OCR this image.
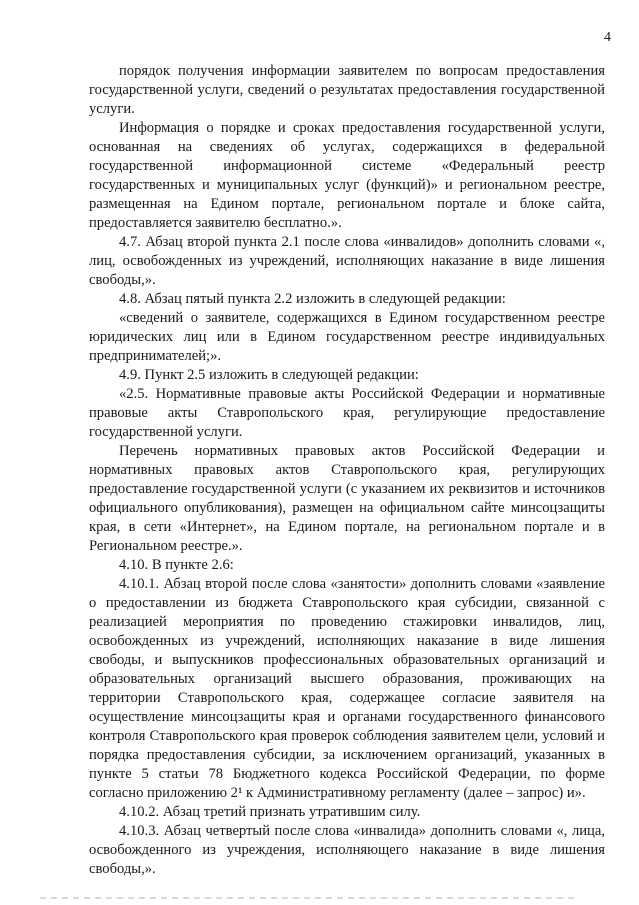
4

порядок получения информации заявителем по вопросам предоставления государственной услуги, сведений о результатах предоставления государственной услуги.

Информация о порядке и сроках предоставления государственной услуги, основанная на сведениях об услугах, содержащихся в федеральной государственной информационной системе «Федеральный реестр государственных и муниципальных услуг (функций)» и региональном реестре, размещенная на Едином портале, региональном портале и блоке сайта, предоставляется заявителю бесплатно.».

4.7. Абзац второй пункта 2.1 после слова «инвалидов» дополнить словами «, лиц, освобожденных из учреждений, исполняющих наказание в виде лишения свободы,».

4.8. Абзац пятый пункта 2.2 изложить в следующей редакции:

«сведений о заявителе, содержащихся в Едином государственном реестре юридических лиц или в Едином государственном реестре индивидуальных предпринимателей;».

4.9. Пункт 2.5 изложить в следующей редакции:

«2.5. Нормативные правовые акты Российской Федерации и нормативные правовые акты Ставропольского края, регулирующие предоставление государственной услуги.

Перечень нормативных правовых актов Российской Федерации и нормативных правовых актов Ставропольского края, регулирующих предоставление государственной услуги (с указанием их реквизитов и источников официального опубликования), размещен на официальном сайте минсоцзащиты края, в сети «Интернет», на Едином портале, на региональном портале и в Региональном реестре.».

4.10. В пункте 2.6:

4.10.1. Абзац второй после слова «занятости» дополнить словами «заявление о предоставлении из бюджета Ставропольского края субсидии, связанной с реализацией мероприятия по проведению стажировки инвалидов, лиц, освобожденных из учреждений, исполняющих наказание в виде лишения свободы, и выпускников профессиональных образовательных организаций и образовательных организаций высшего образования, проживающих на территории Ставропольского края, содержащее согласие заявителя на осуществление минсоцзащиты края и органами государственного финансового контроля Ставропольского края проверок соблюдения заявителем цели, условий и порядка предоставления субсидии, за исключением организаций, указанных в пункте 5 статьи 78 Бюджетного кодекса Российской Федерации, по форме согласно приложению 2¹ к Административному регламенту (далее – запрос) и».

4.10.2. Абзац третий признать утратившим силу.

4.10.3. Абзац четвертый после слова «инвалида» дополнить словами «, лица, освобожденного из учреждения, исполняющего наказание в виде лишения свободы,».
